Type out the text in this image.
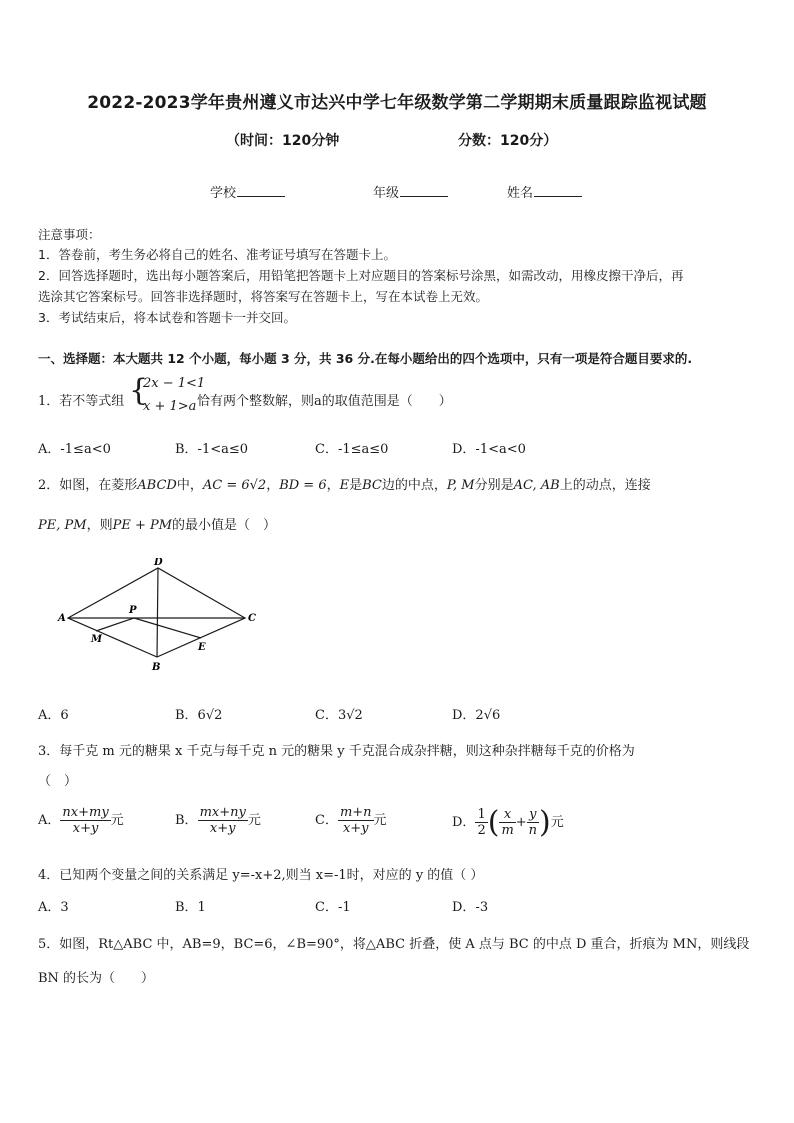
2022-2023学年贵州遵义市达兴中学七年级数学第二学期期末质量跟踪监视试题
（时间：120分钟	分数：120分）
学校	年级	姓名
注意事项：
1．答卷前，考生务必将自己的姓名、准考证号填写在答题卡上。
2．回答选择题时，选出每小题答案后，用铅笔把答题卡上对应题目的答案标号涂黑，如需改动，用橡皮擦干净后，再
选涂其它答案标号。回答非选择题时，将答案写在答题卡上，写在本试卷上无效。
3．考试结束后，将本试卷和答题卡一并交回。
一、选择题：本大题共 12 个小题，每小题 3 分，共 36 分.在每小题给出的四个选项中，只有一项是符合题目要求的.
1．若不等式组 {
2x − 1<1
x + 1>a 恰有两个整数解，则a的取值范围是（　　）
A．-1≤a<0	B．-1<a≤0	C．-1≤a≤0	D．-1<a<0
2．如图，在菱形ABCD中，AC = 6√2，BD = 6，E是BC边的中点，P, M分别是AC, AB上的动点，连接
PE, PM，则PE + PM的最小值是（　）
D
A	C
B
P
M
E
A．6	B．6√2	C．3√2	D．2√6
3．每千克 m 元的糖果 x 千克与每千克 n 元的糖果 y 千克混合成杂拌糖，则这种杂拌糖每千克的价格为
（　）
A． $\frac{nx+my}{x+y}$ 元	B． $\frac{mx+ny}{x+y}$ 元	C． $\frac{m+n}{x+y}$ 元	D． $\frac{1}{2}$ ( $\frac{x}{m} + \frac{y}{n}$ )元
4．已知两个变量之间的关系满足 y=-x+2,则当 x=-1时，对应的 y 的值（ ）
A．3	B．1	C．-1	D．-3
5．如图，Rt△ABC 中，AB=9，BC=6，∠B=90°，将△ABC 折叠，使 A 点与 BC 的中点 D 重合，折痕为 MN，则线段
BN 的长为（　　）
